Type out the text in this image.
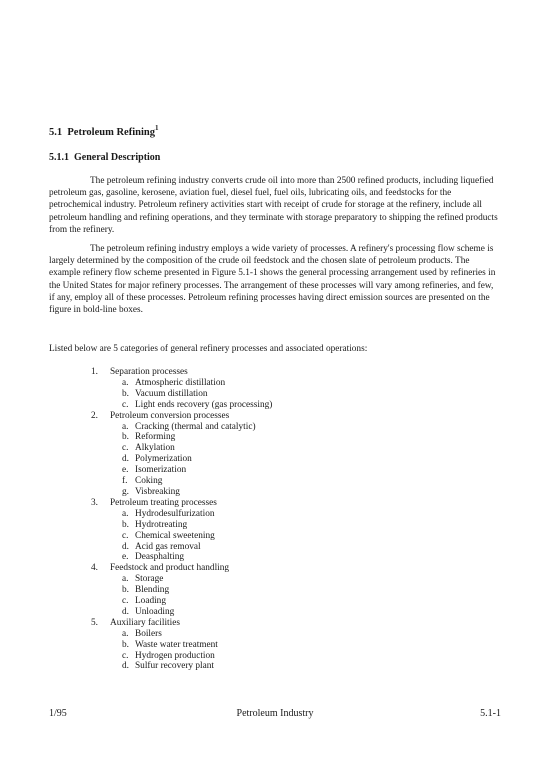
5.1 Petroleum Refining$^1$
5.1.1 General Description

The petroleum refining industry converts crude oil into more than 2500 refined products, including liquefied petroleum gas, gasoline, kerosene, aviation fuel, diesel fuel, fuel oils, lubricating oils, and feedstocks for the petrochemical industry. Petroleum refinery activities start with receipt of crude for storage at the refinery, include all petroleum handling and refining operations, and they terminate with storage preparatory to shipping the refined products from the refinery.

The petroleum refining industry employs a wide variety of processes. A refinery's processing flow scheme is largely determined by the composition of the crude oil feedstock and the chosen slate of petroleum products. The example refinery flow scheme presented in Figure 5.1-1 shows the general processing arrangement used by refineries in the United States for major refinery processes. The arrangement of these processes will vary among refineries, and few, if any, employ all of these processes. Petroleum refining processes having direct emission sources are presented on the figure in bold-line boxes.

Listed below are 5 categories of general refinery processes and associated operations:

1. Separation processes
a. Atmospheric distillation
b. Vacuum distillation
c. Light ends recovery (gas processing)
2. Petroleum conversion processes
a. Cracking (thermal and catalytic)
b. Reforming
c. Alkylation
d. Polymerization
e. Isomerization
f. Coking
g. Visbreaking
3. Petroleum treating processes
a. Hydrodesulfurization
b. Hydrotreating
c. Chemical sweetening
d. Acid gas removal
e. Deasphalting
4. Feedstock and product handling
a. Storage
b. Blending
c. Loading
d. Unloading
5. Auxiliary facilities
a. Boilers
b. Waste water treatment
c. Hydrogen production
d. Sulfur recovery plant
1/95	Petroleum Industry	5.1-1
